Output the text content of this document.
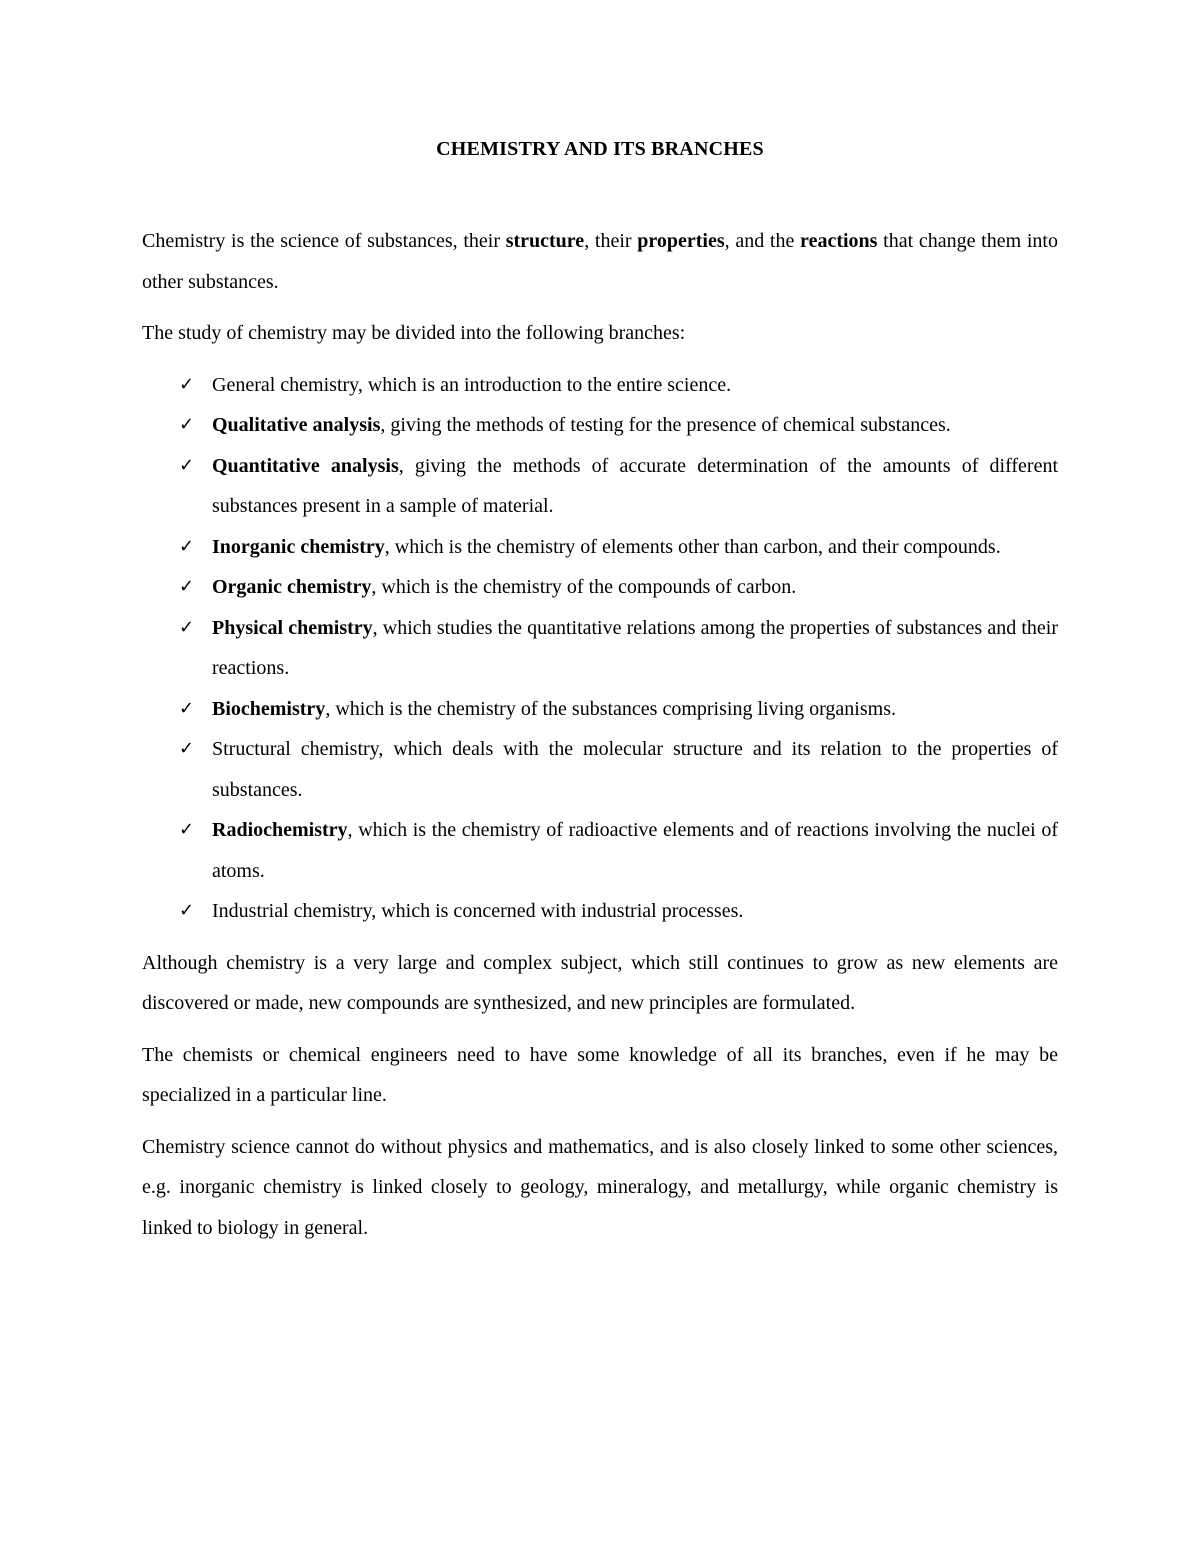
CHEMISTRY AND ITS BRANCHES

Chemistry is the science of substances, their structure, their properties, and the reactions that change them into other substances.

The study of chemistry may be divided into the following branches:

✓ General chemistry, which is an introduction to the entire science.
✓ Qualitative analysis, giving the methods of testing for the presence of chemical substances.
✓ Quantitative analysis, giving the methods of accurate determination of the amounts of different substances present in a sample of material.
✓ Inorganic chemistry, which is the chemistry of elements other than carbon, and their compounds.
✓ Organic chemistry, which is the chemistry of the compounds of carbon.
✓ Physical chemistry, which studies the quantitative relations among the properties of substances and their reactions.
✓ Biochemistry, which is the chemistry of the substances comprising living organisms.
✓ Structural chemistry, which deals with the molecular structure and its relation to the properties of substances.
✓ Radiochemistry, which is the chemistry of radioactive elements and of reactions involving the nuclei of atoms.
✓ Industrial chemistry, which is concerned with industrial processes.

Although chemistry is a very large and complex subject, which still continues to grow as new elements are discovered or made, new compounds are synthesized, and new principles are formulated.

The chemists or chemical engineers need to have some knowledge of all its branches, even if he may be specialized in a particular line.

Chemistry science cannot do without physics and mathematics, and is also closely linked to some other sciences, e.g. inorganic chemistry is linked closely to geology, mineralogy, and metallurgy, while organic chemistry is linked to biology in general.
